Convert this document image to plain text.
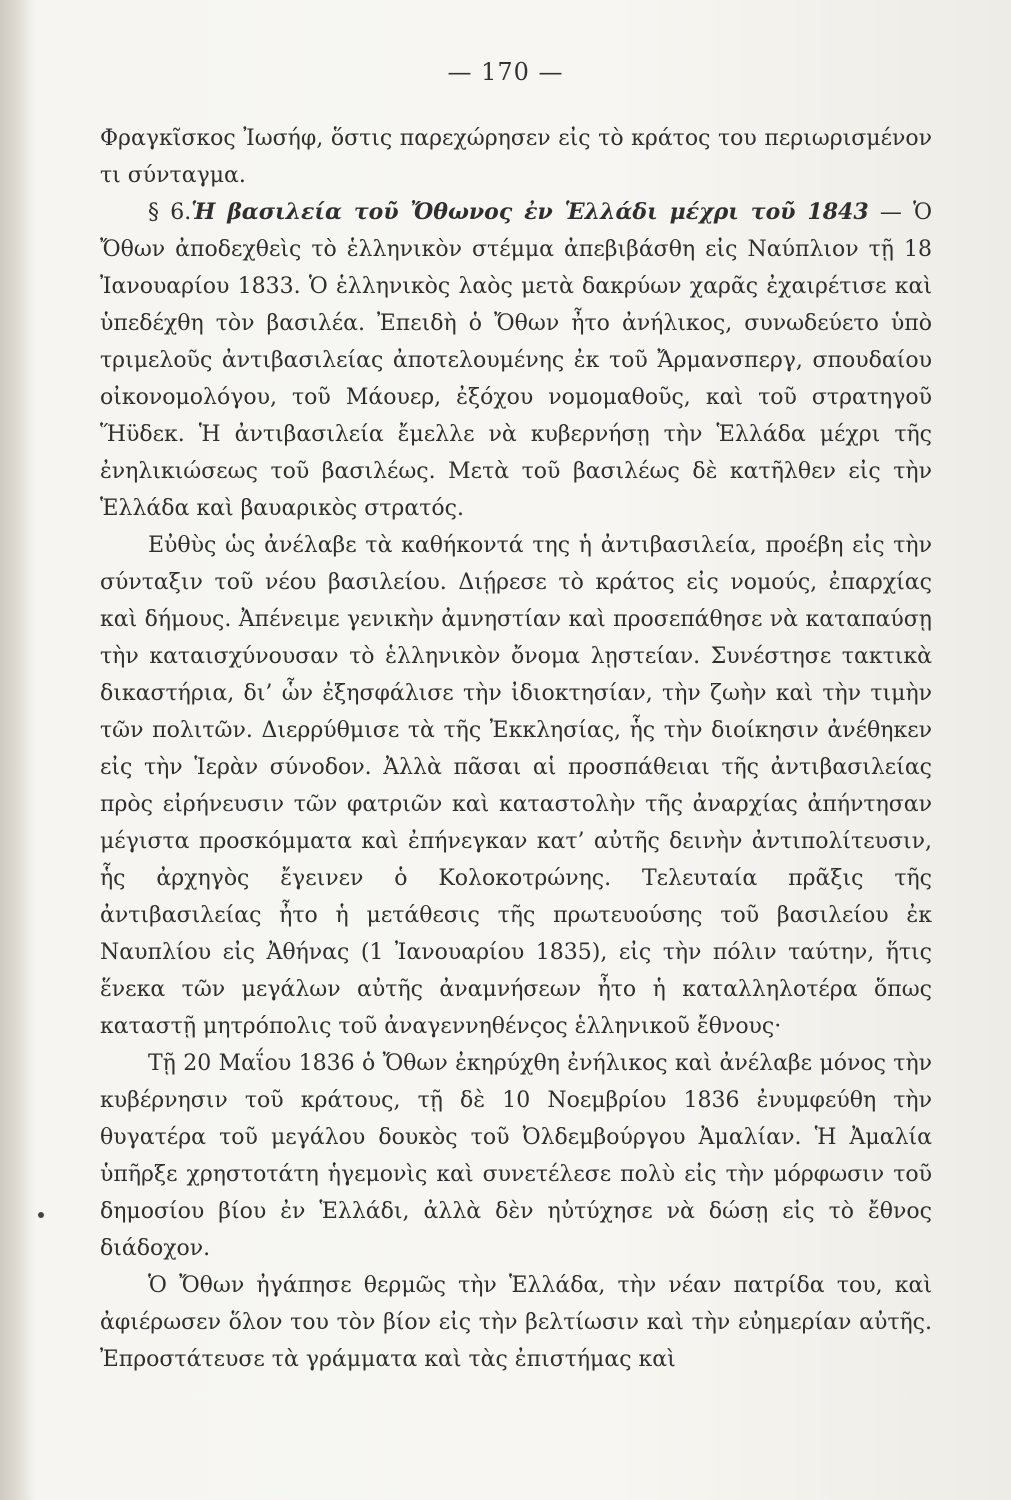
— 170 —

Φραγκῖσκος Ἰωσήφ, ὅστις παρεχώρησεν εἰς τὸ κράτος του περιωρισμένον τι σύνταγμα.

§ 6.Ἡ βασιλεία τοῦ Ὄθωνος ἐν Ἑλλάδι μέχρι τοῦ 1843 — Ὁ Ὄθων ἀποδεχθεὶς τὸ ἑλληνικὸν στέμμα ἀπεβιβάσθη εἰς Ναύπλιον τῇ 18 Ἰανουαρίου 1833. Ὁ ἑλληνικὸς λαὸς μετὰ δακρύων χαρᾶς ἐχαιρέτισε καὶ ὑπεδέχθη τὸν βασιλέα. Ἐπειδὴ ὁ Ὄθων ἦτο ἀνήλικος, συνωδεύετο ὑπὸ τριμελοῦς ἀντιβασιλείας ἀποτελουμένης ἐκ τοῦ Ἄρμανσπεργ, σπουδαίου οἰκονομολόγου, τοῦ Μάουερ, ἐξόχου νομομαθοῦς, καὶ τοῦ στρατηγοῦ Ἥϋδεκ. Ἡ ἀντιβασιλεία ἔμελλε νὰ κυβερνήσῃ τὴν Ἑλλάδα μέχρι τῆς ἐνηλικιώσεως τοῦ βασιλέως. Μετὰ τοῦ βασιλέως δὲ κατῆλθεν εἰς τὴν Ἑλλάδα καὶ βαυαρικὸς στρατός.

Εὐθὺς ὡς ἀνέλαβε τὰ καθήκοντά της ἡ ἀντιβασιλεία, προέβη εἰς τὴν σύνταξιν τοῦ νέου βασιλείου. Διῄρεσε τὸ κράτος εἰς νομούς, ἐπαρχίας καὶ δήμους. Ἀπένειμε γενικὴν ἀμνηστίαν καὶ προσεπάθησε νὰ καταπαύσῃ τὴν καταισχύνουσαν τὸ ἑλληνικὸν ὄνομα λῃστείαν. Συνέστησε τακτικὰ δικαστήρια, δι’ ὧν ἐξησφάλισε τὴν ἰδιοκτησίαν, τὴν ζωὴν καὶ τὴν τιμὴν τῶν πολιτῶν. Διερρύθμισε τὰ τῆς Ἐκκλησίας, ἧς τὴν διοίκησιν ἀνέθηκεν εἰς τὴν Ἱερὰν σύνοδον. Ἀλλὰ πᾶσαι αἱ προσπάθειαι τῆς ἀντιβασιλείας πρὸς εἰρήνευσιν τῶν φατριῶν καὶ καταστολὴν τῆς ἀναρχίας ἀπήντησαν μέγιστα προσκόμματα καὶ ἐπήνεγκαν κατ’ αὐτῆς δεινὴν ἀντιπολίτευσιν, ἧς ἀρχηγὸς ἔγεινεν ὁ Κολοκοτρώνης. Τελευταία πρᾶξις τῆς ἀντιβασιλείας ἦτο ἡ μετάθεσις τῆς πρωτευούσης τοῦ βασιλείου ἐκ Ναυπλίου εἰς Ἀθήνας (1 Ἰανουαρίου 1835), εἰς τὴν πόλιν ταύτην, ἥτις ἕνεκα τῶν μεγάλων αὐτῆς ἀναμνήσεων ἦτο ἡ καταλληλοτέρα ὅπως καταστῇ μητρόπολις τοῦ ἀναγεννηθένςος ἑλληνικοῦ ἔθνους·

Τῇ 20 Μαΐου 1836 ὁ Ὄθων ἐκηρύχθη ἐνήλικος καὶ ἀνέλαβε μόνος τὴν κυβέρνησιν τοῦ κράτους, τῇ δὲ 10 Νοεμβρίου 1836 ἐνυμφεύθη τὴν θυγατέρα τοῦ μεγάλου δουκὸς τοῦ Ὀλδεμβούργου Ἀμαλίαν. Ἡ Ἀμαλία ὑπῆρξε χρηστοτάτη ἡγεμονὶς καὶ συνετέλεσε πολὺ εἰς τὴν μόρφωσιν τοῦ δημοσίου βίου ἐν Ἑλλάδι, ἀλλὰ δὲν ηὐτύχησε νὰ δώσῃ εἰς τὸ ἔθνος διάδοχον.

Ὁ Ὄθων ἠγάπησε θερμῶς τὴν Ἑλλάδα, τὴν νέαν πατρίδα του, καὶ ἀφιέρωσεν ὅλον του τὸν βίον εἰς τὴν βελτίωσιν καὶ τὴν εὐημερίαν αὐτῆς. Ἐπροστάτευσε τὰ γράμματα καὶ τὰς ἐπιστήμας καὶ
